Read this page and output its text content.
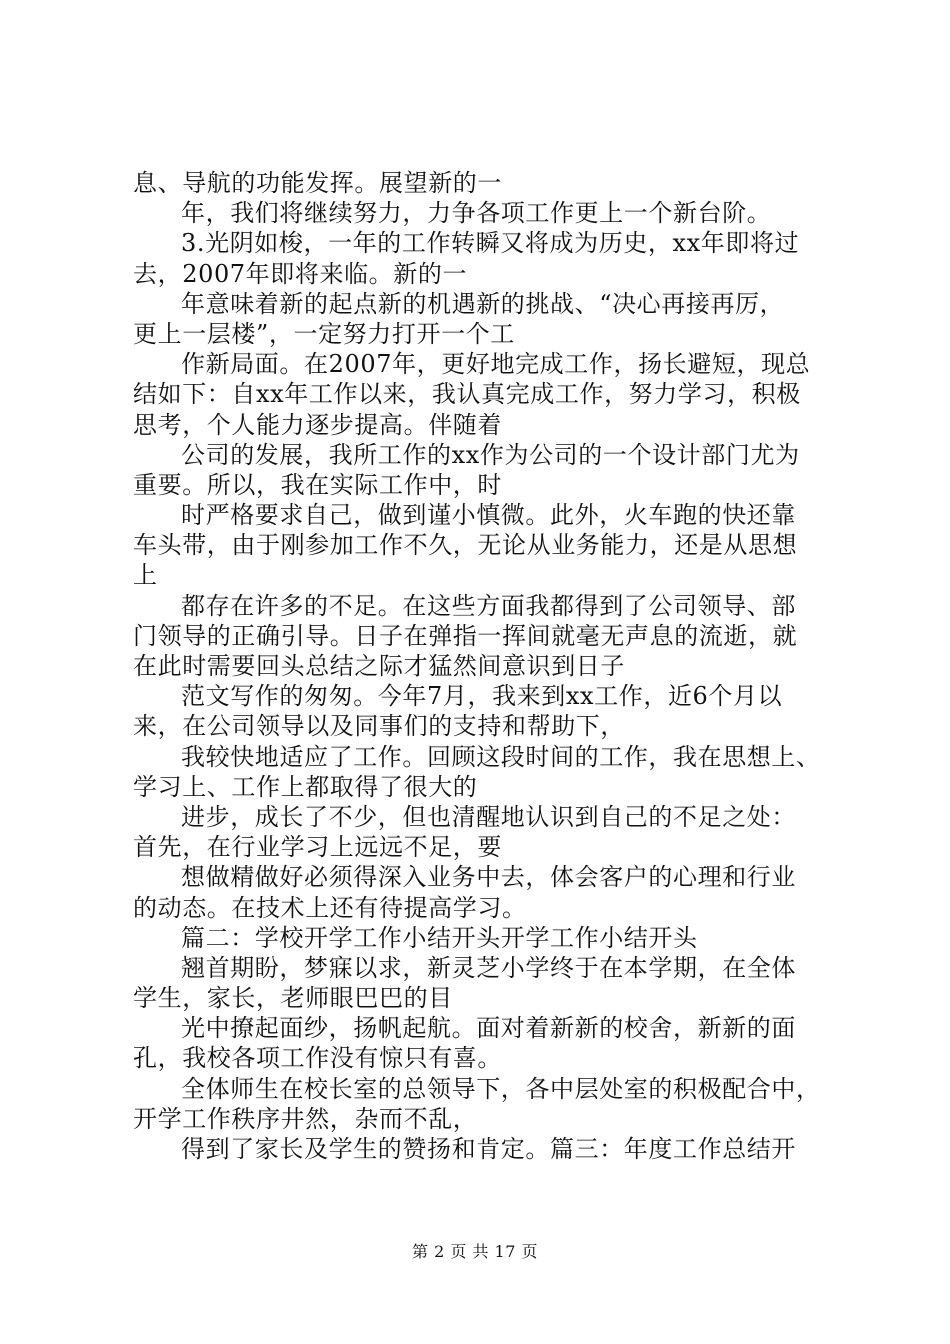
息、导航的功能发挥。展望新的一
年，我们将继续努力，力争各项工作更上一个新台阶。
3.光阴如梭，一年的工作转瞬又将成为历史，xx年即将过
去，2007年即将来临。新的一
年意味着新的起点新的机遇新的挑战、“决心再接再厉，
更上一层楼”，一定努力打开一个工
作新局面。在2007年，更好地完成工作，扬长避短，现总
结如下：自xx年工作以来，我认真完成工作，努力学习，积极
思考，个人能力逐步提高。伴随着
公司的发展，我所工作的xx作为公司的一个设计部门尤为
重要。所以，我在实际工作中，时
时严格要求自己，做到谨小慎微。此外，火车跑的快还靠
车头带，由于刚参加工作不久，无论从业务能力，还是从思想
上
都存在许多的不足。在这些方面我都得到了公司领导、部
门领导的正确引导。日子在弹指一挥间就毫无声息的流逝，就
在此时需要回头总结之际才猛然间意识到日子
范文写作的匆匆。今年7月，我来到xx工作，近6个月以
来，在公司领导以及同事们的支持和帮助下，
我较快地适应了工作。回顾这段时间的工作，我在思想上、
学习上、工作上都取得了很大的
进步，成长了不少，但也清醒地认识到自己的不足之处：
首先，在行业学习上远远不足，要
想做精做好必须得深入业务中去，体会客户的心理和行业
的动态。在技术上还有待提高学习。
篇二：学校开学工作小结开头开学工作小结开头
翘首期盼，梦寐以求，新灵芝小学终于在本学期，在全体
学生，家长，老师眼巴巴的目
光中撩起面纱，扬帆起航。面对着新新的校舍，新新的面
孔，我校各项工作没有惊只有喜。
全体师生在校长室的总领导下，各中层处室的积极配合中，
开学工作秩序井然，杂而不乱，
得到了家长及学生的赞扬和肯定。篇三：年度工作总结开
第 2 页 共 17 页
